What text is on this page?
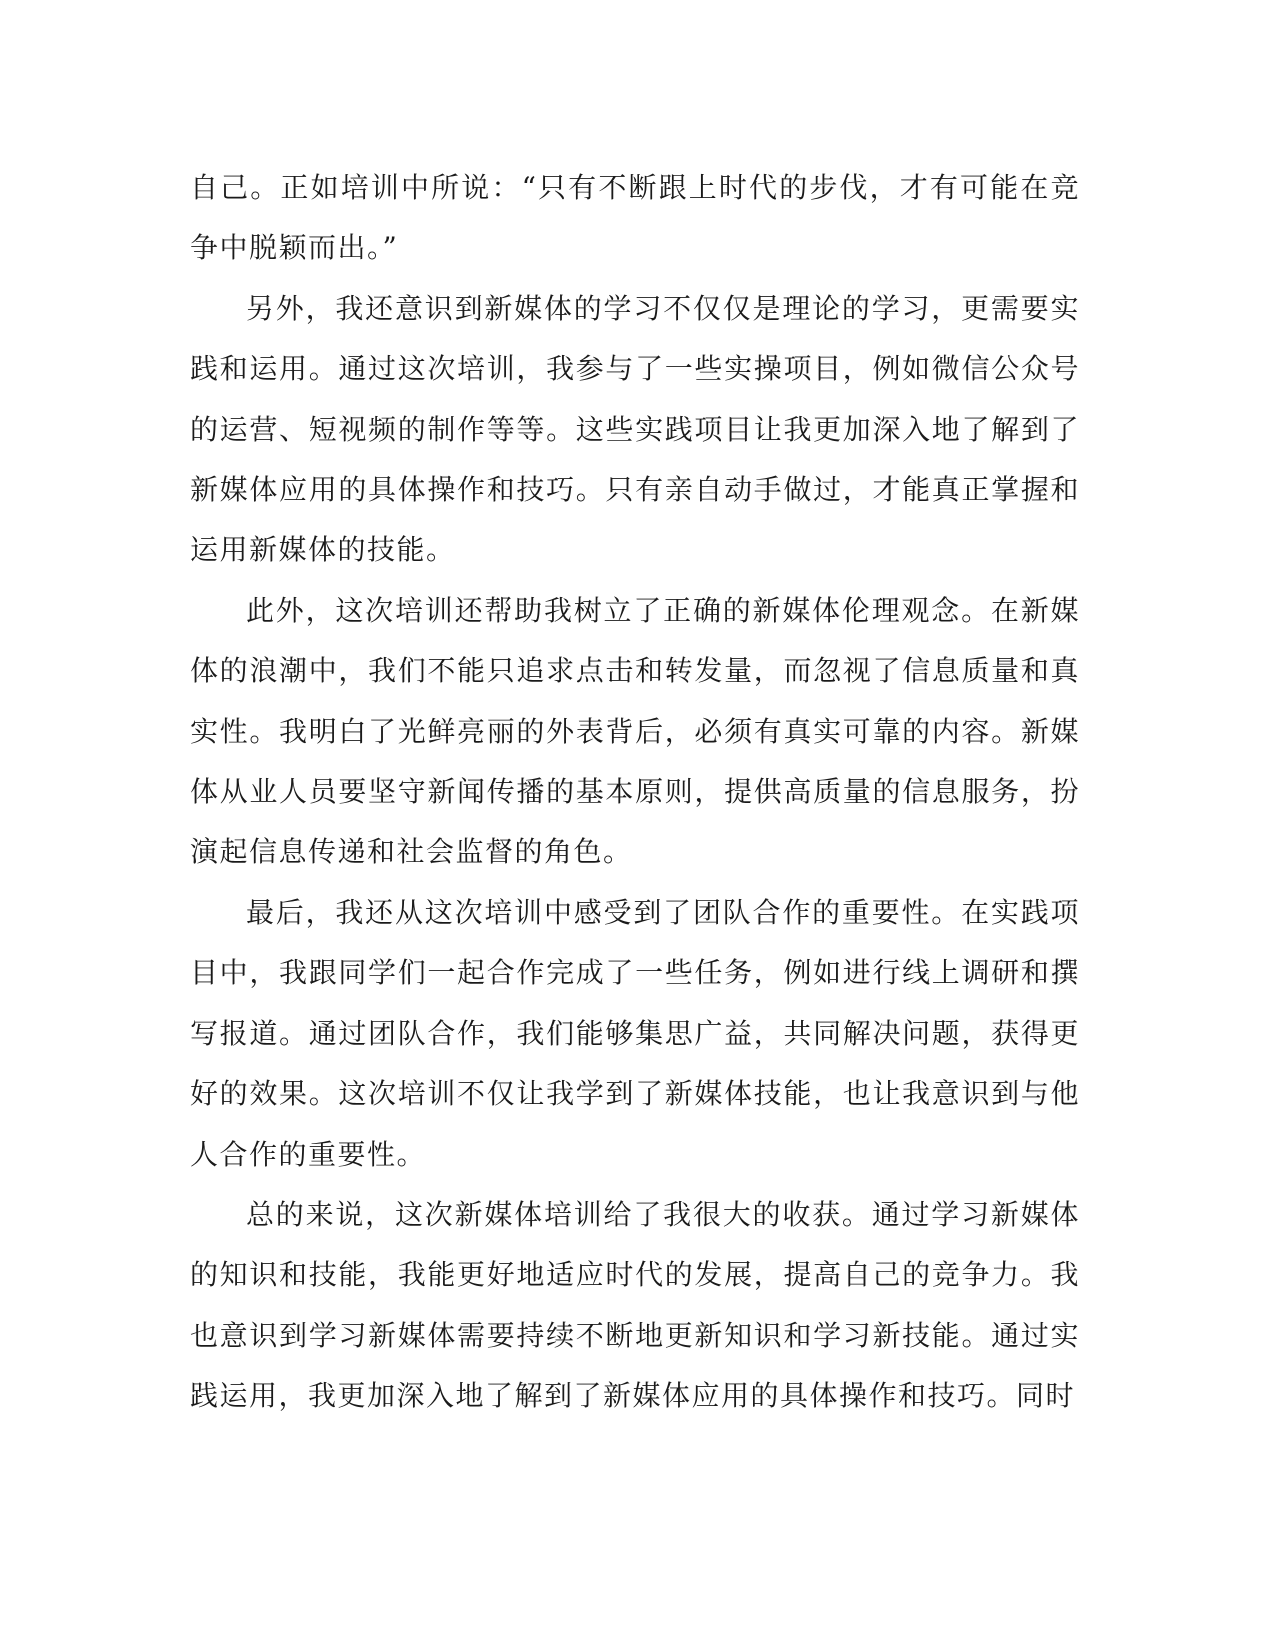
自己。正如培训中所说：“只有不断跟上时代的步伐，才有可能在竞争中脱颖而出。”

另外，我还意识到新媒体的学习不仅仅是理论的学习，更需要实践和运用。通过这次培训，我参与了一些实操项目，例如微信公众号的运营、短视频的制作等等。这些实践项目让我更加深入地了解到了新媒体应用的具体操作和技巧。只有亲自动手做过，才能真正掌握和运用新媒体的技能。

此外，这次培训还帮助我树立了正确的新媒体伦理观念。在新媒体的浪潮中，我们不能只追求点击和转发量，而忽视了信息质量和真实性。我明白了光鲜亮丽的外表背后，必须有真实可靠的内容。新媒体从业人员要坚守新闻传播的基本原则，提供高质量的信息服务，扮演起信息传递和社会监督的角色。

最后，我还从这次培训中感受到了团队合作的重要性。在实践项目中，我跟同学们一起合作完成了一些任务，例如进行线上调研和撰写报道。通过团队合作，我们能够集思广益，共同解决问题，获得更好的效果。这次培训不仅让我学到了新媒体技能，也让我意识到与他人合作的重要性。

总的来说，这次新媒体培训给了我很大的收获。通过学习新媒体的知识和技能，我能更好地适应时代的发展，提高自己的竞争力。我也意识到学习新媒体需要持续不断地更新知识和学习新技能。通过实践运用，我更加深入地了解到了新媒体应用的具体操作和技巧。同时
